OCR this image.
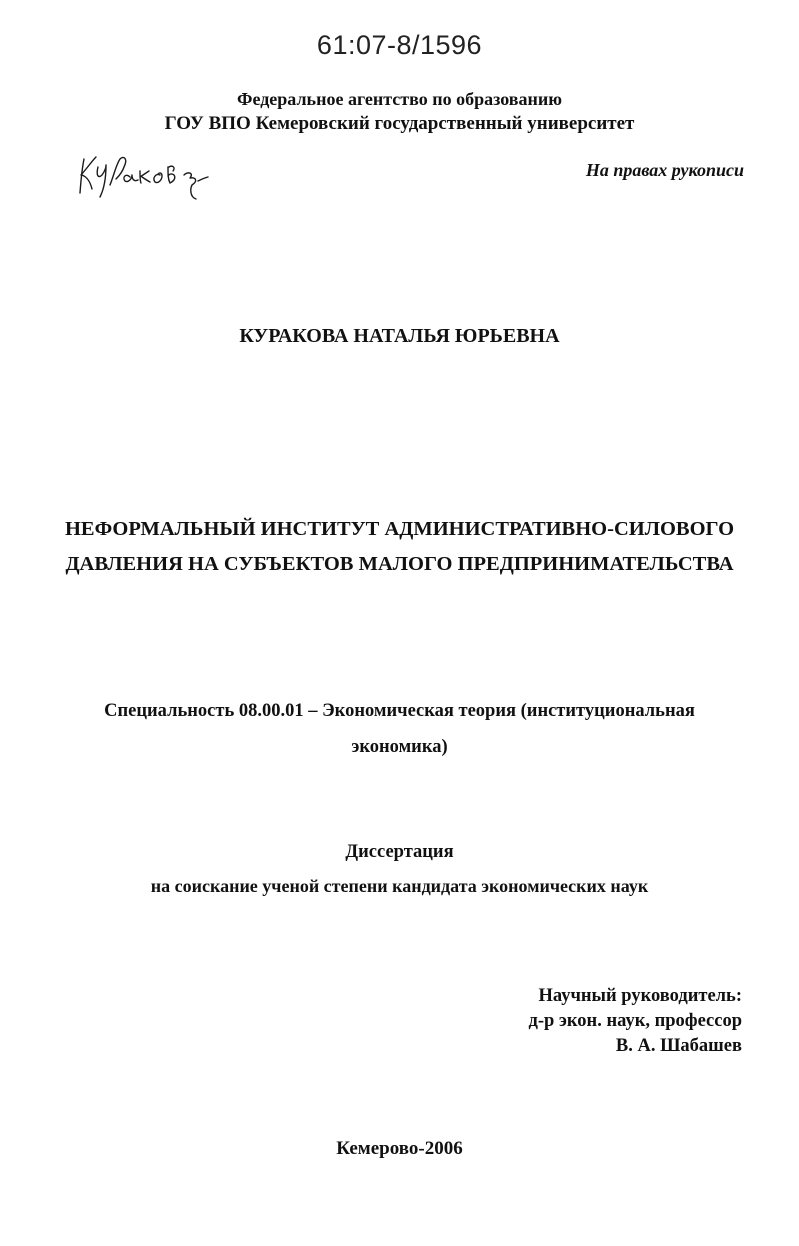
61:07-8/1596
Федеральное агентство по образованию
ГОУ ВПО Кемеровский государственный университет
На правах рукописи
КУРАКОВА НАТАЛЬЯ ЮРЬЕВНА
НЕФОРМАЛЬНЫЙ ИНСТИТУТ АДМИНИСТРАТИВНО-СИЛОВОГО
ДАВЛЕНИЯ НА СУБЪЕКТОВ МАЛОГО ПРЕДПРИНИМАТЕЛЬСТВА
Специальность 08.00.01 – Экономическая теория (институциональная
экономика)
Диссертация
на соискание ученой степени кандидата экономических наук
Научный руководитель:
д-р экон. наук, профессор
В. А. Шабашев
Кемерово-2006
